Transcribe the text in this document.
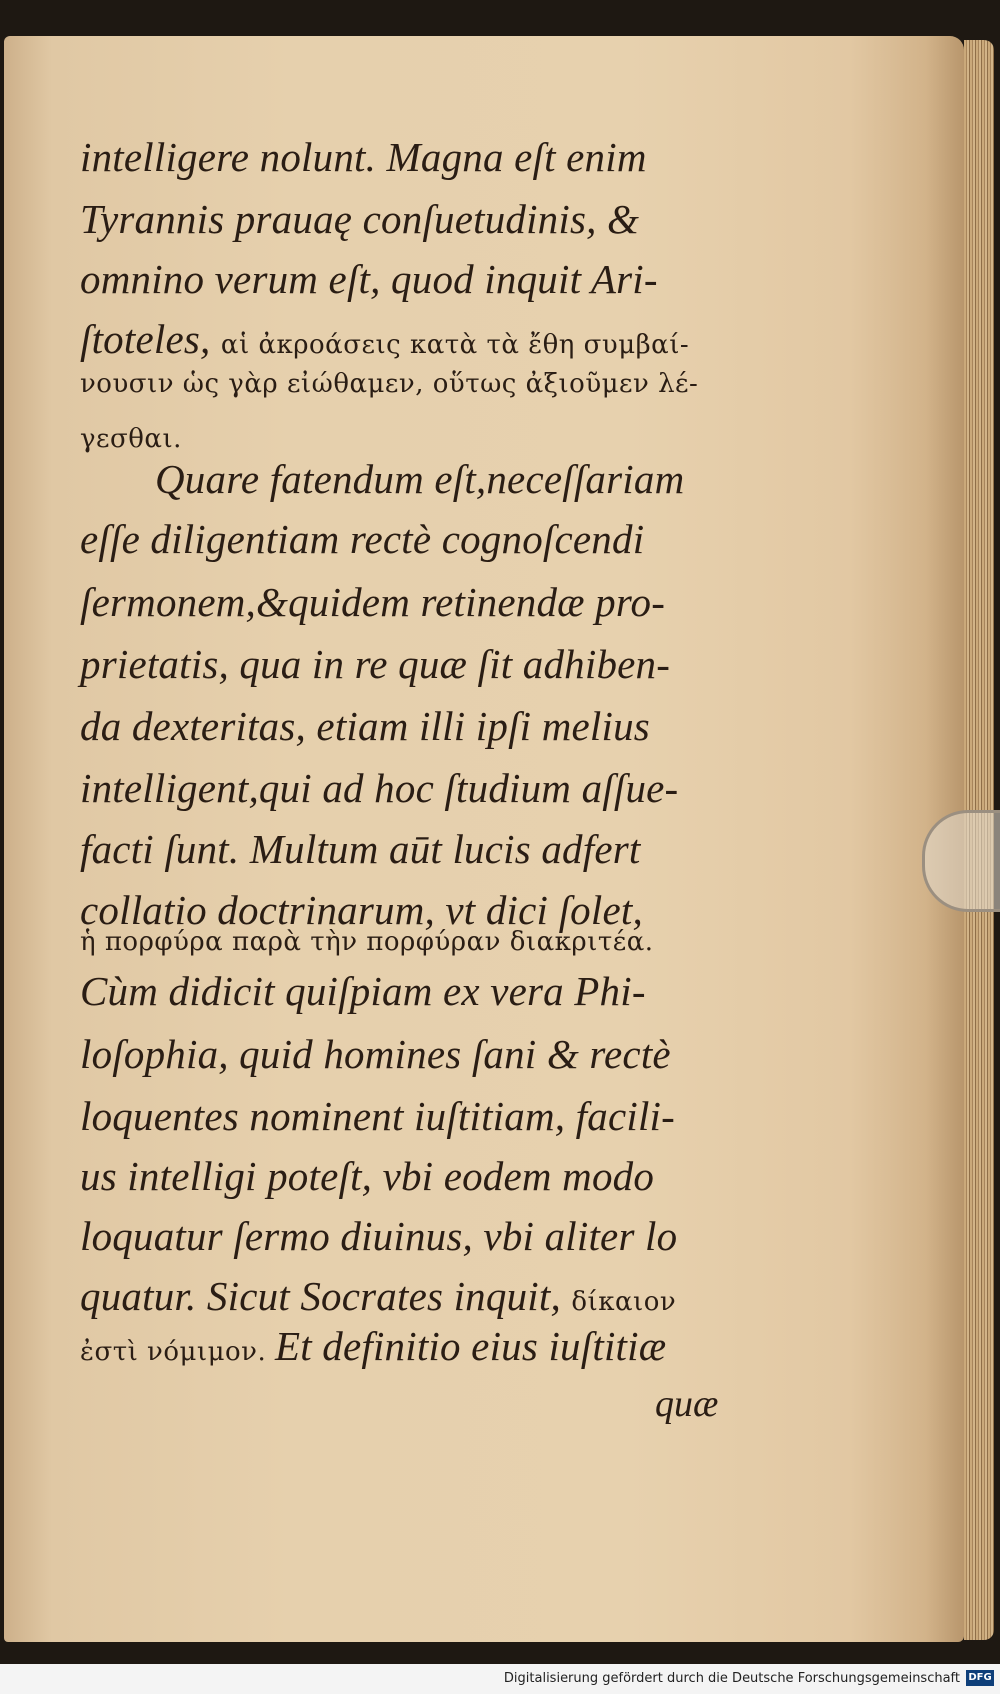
intelligere nolunt. Magna eſt enim

Tyrannis prauaę conſuetudinis, &

omnino verum eſt, quod inquit Ari-

ſtoteles, αἱ ἀκροάσεις κατὰ τὰ ἔθη συμβαί-

νουσιν ὡς γὰρ εἰώθαμεν, οὕτως ἀξιοῦμεν λέ-

γεσθαι.

Quare fatendum eſt,neceſſariam

eſſe diligentiam rectè cognoſcendi

ſermonem,&quidem retinendæ pro-

prietatis, qua in re quæ ſit adhiben-

da dexteritas, etiam illi ipſi melius

intelligent,qui ad hoc ſtudium aſſue-

facti ſunt. Multum aūt lucis adfert

collatio doctrinarum, vt dici ſolet,

ἡ πορφύρα παρὰ τὴν πορφύραν διακριτέα.

Cùm didicit quiſpiam ex vera Phi-

loſophia, quid homines ſani & rectè

loquentes nominent iuſtitiam, facili-

us intelligi poteſt, vbi eodem modo

loquatur ſermo diuinus, vbi aliter lo

quatur. Sicut Socrates inquit, δίκαιον

ἐστὶ νόμιμον. Et definitio eius iuſtitiæ

quæ
Digitalisierung gefördert durch die Deutsche Forschungsgemeinschaft DFG
